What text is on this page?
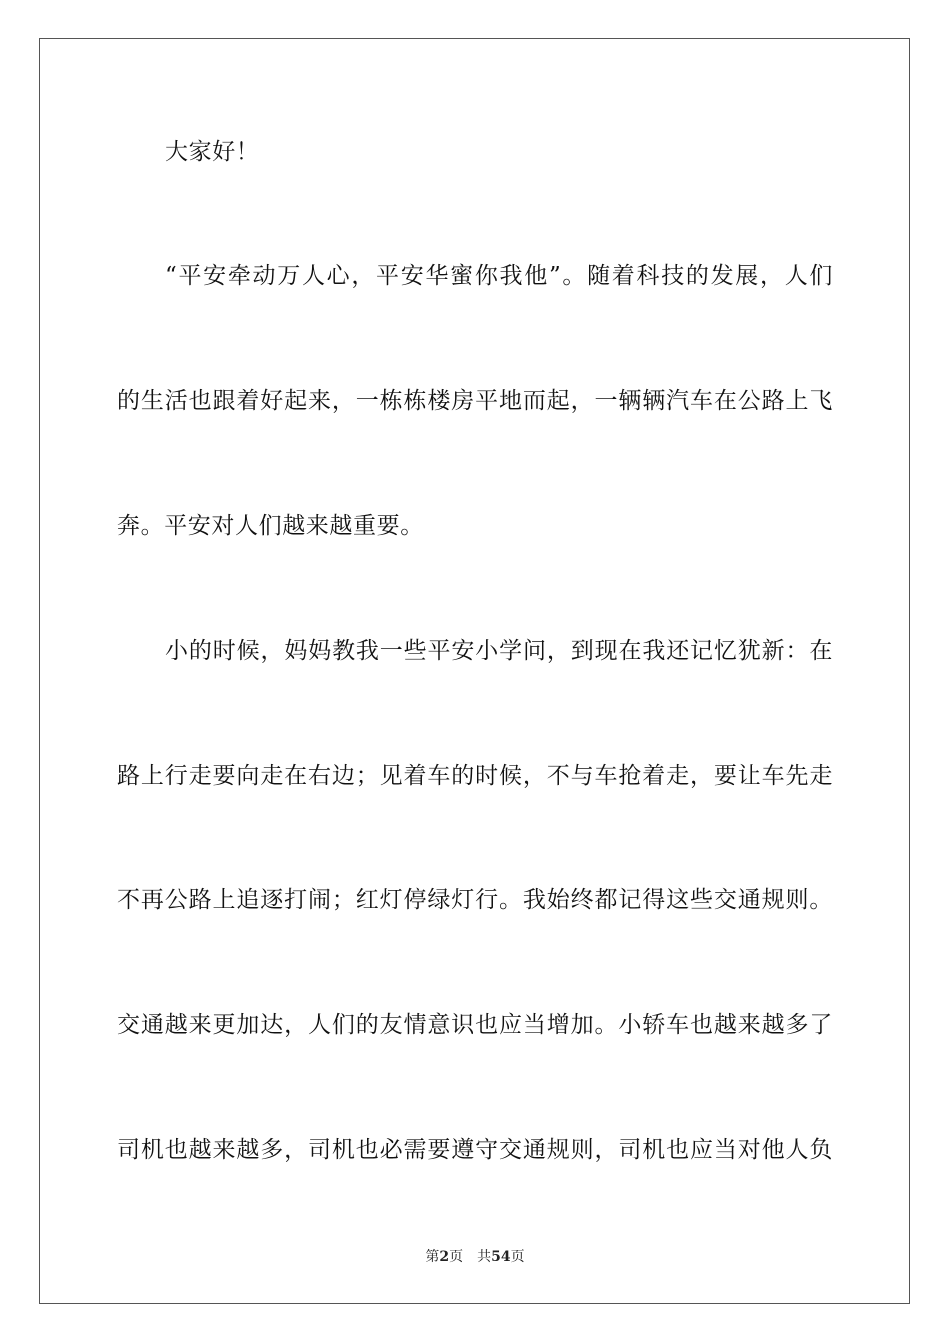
大家好！
“平安牵动万人心，平安华蜜你我他”。随着科技的发展，人们
的生活也跟着好起来，一栋栋楼房平地而起，一辆辆汽车在公路上飞
奔。平安对人们越来越重要。
小的时候，妈妈教我一些平安小学问，到现在我还记忆犹新：在
路上行走要向走在右边；见着车的时候，不与车抢着走，要让车先走
不再公路上追逐打闹；红灯停绿灯行。我始终都记得这些交通规则。
交通越来更加达，人们的友情意识也应当增加。小轿车也越来越多了
司机也越来越多，司机也必需要遵守交通规则，司机也应当对他人负
第2页 共54页
